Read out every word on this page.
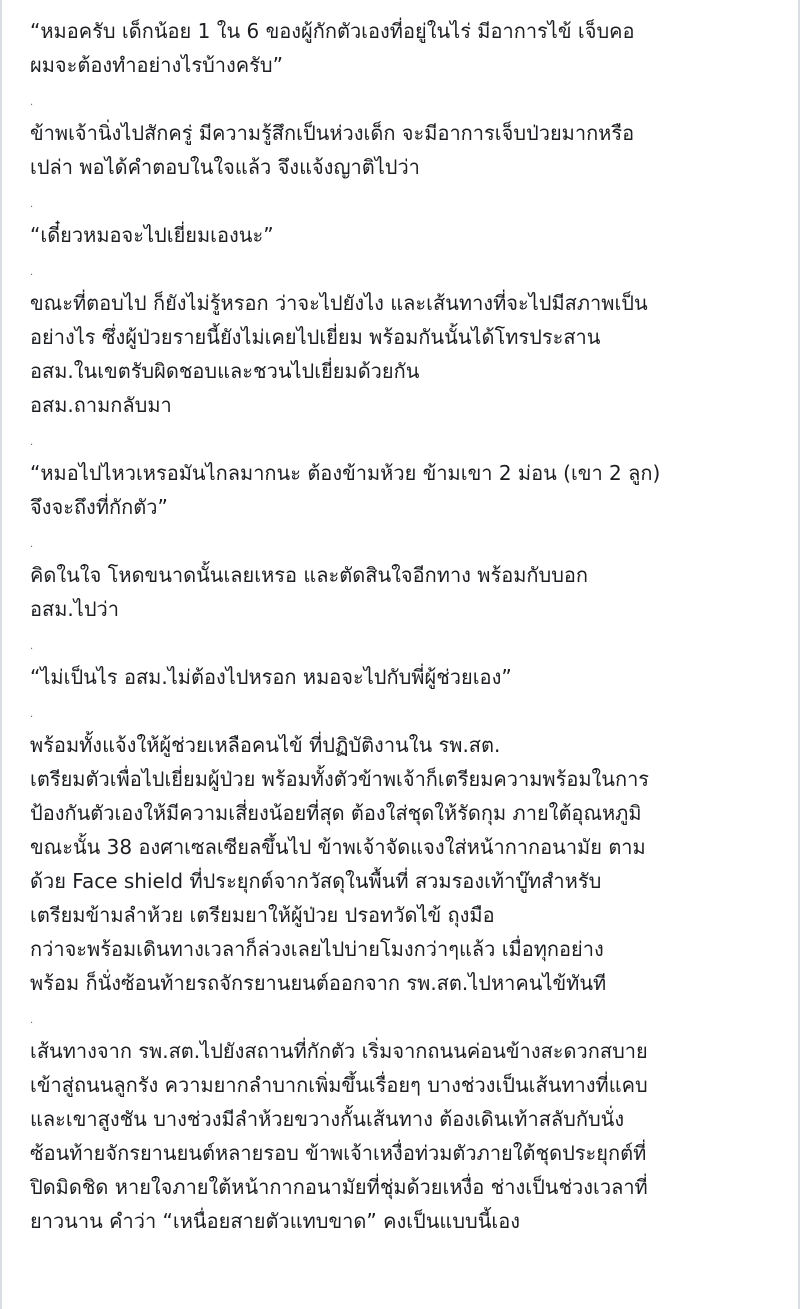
“หมอครับ เด็กน้อย 1 ใน 6 ของผู้กักตัวเองที่อยู่ในไร่ มีอาการไข้ เจ็บคอ
ผมจะต้องทำอย่างไรบ้างครับ”
.
ข้าพเจ้านิ่งไปสักครู่ มีความรู้สึกเป็นห่วงเด็ก จะมีอาการเจ็บป่วยมากหรือ
เปล่า พอได้คำตอบในใจแล้ว จึงแจ้งญาติไปว่า
.
“เดี๋ยวหมอจะไปเยี่ยมเองนะ”
.
ขณะที่ตอบไป ก็ยังไม่รู้หรอก ว่าจะไปยังไง และเส้นทางที่จะไปมีสภาพเป็น
อย่างไร ซึ่งผู้ป่วยรายนี้ยังไม่เคยไปเยี่ยม พร้อมกันนั้นได้โทรประสาน
อสม.ในเขตรับผิดชอบและชวนไปเยี่ยมด้วยกัน
อสม.ถามกลับมา
.
“หมอไปไหวเหรอมันไกลมากนะ ต้องข้ามห้วย ข้ามเขา 2 ม่อน (เขา 2 ลูก)
จึงจะถึงที่กักตัว”
.
คิดในใจ โหดขนาดนั้นเลยเหรอ และตัดสินใจอีกทาง พร้อมกับบอก
อสม.ไปว่า
.
“ไม่เป็นไร อสม.ไม่ต้องไปหรอก หมอจะไปกับพี่ผู้ช่วยเอง”
.
พร้อมทั้งแจ้งให้ผู้ช่วยเหลือคนไข้ ที่ปฏิบัติงานใน รพ.สต.
เตรียมตัวเพื่อไปเยี่ยมผู้ป่วย พร้อมทั้งตัวข้าพเจ้าก็เตรียมความพร้อมในการ
ป้องกันตัวเองให้มีความเสี่ยงน้อยที่สุด ต้องใส่ชุดให้รัดกุม ภายใต้อุณหภูมิ
ขณะนั้น 38 องศาเซลเซียลขึ้นไป ข้าพเจ้าจัดแจงใส่หน้ากากอนามัย ตาม
ด้วย Face shield ที่ประยุกต์จากวัสดุในพื้นที่ สวมรองเท้าบู๊ทสำหรับ
เตรียมข้ามลำห้วย เตรียมยาให้ผู้ป่วย ปรอทวัดไข้ ถุงมือ
กว่าจะพร้อมเดินทางเวลาก็ล่วงเลยไปบ่ายโมงกว่าๆแล้ว เมื่อทุกอย่าง
พร้อม ก็นั่งซ้อนท้ายรถจักรยานยนต์ออกจาก รพ.สต.ไปหาคนไข้ทันที
.
เส้นทางจาก รพ.สต.ไปยังสถานที่กักตัว เริ่มจากถนนค่อนข้างสะดวกสบาย
เข้าสู่ถนนลูกรัง ความยากลำบากเพิ่มขึ้นเรื่อยๆ บางช่วงเป็นเส้นทางที่แคบ
และเขาสูงชัน บางช่วงมีลำห้วยขวางกั้นเส้นทาง ต้องเดินเท้าสลับกับนั่ง
ซ้อนท้ายจักรยานยนต์หลายรอบ ข้าพเจ้าเหงื่อท่วมตัวภายใต้ชุดประยุกต์ที่
ปิดมิดชิด หายใจภายใต้หน้ากากอนามัยที่ชุ่มด้วยเหงื่อ ช่างเป็นช่วงเวลาที่
ยาวนาน คำว่า “เหนื่อยสายตัวแทบขาด” คงเป็นแบบนี้เอง
